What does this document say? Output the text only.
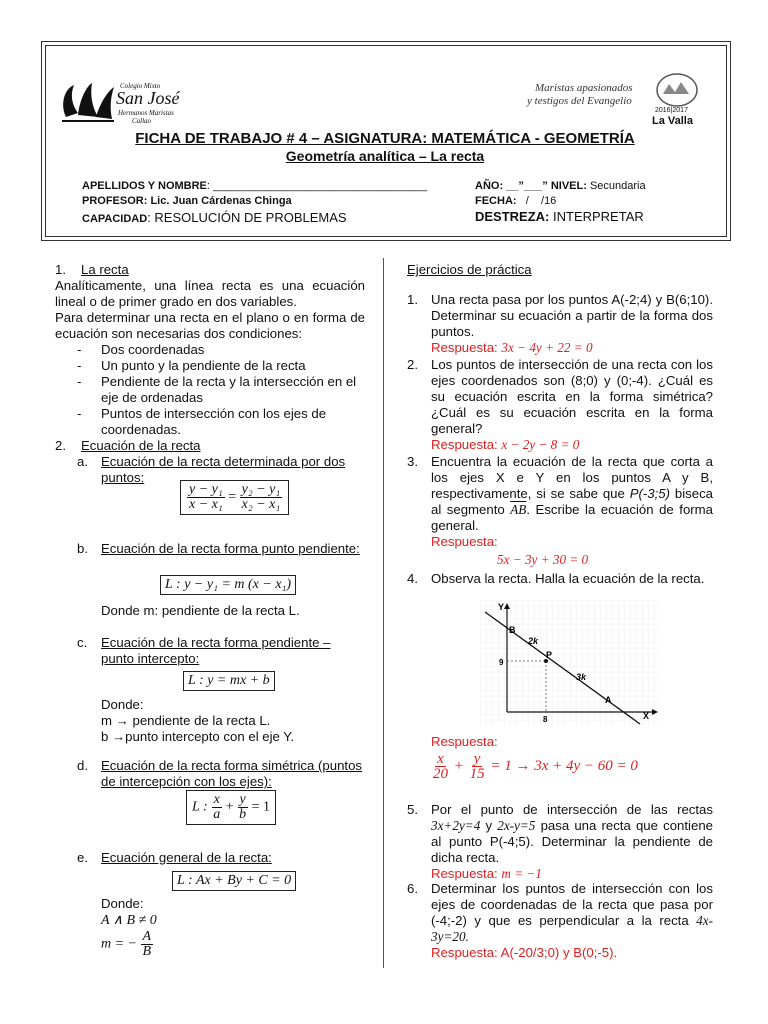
Colegio Mixto
San José
Hermanos Maristas
Callao
Maristas apasionados
y testigos del Evangelio
2016|2017
La Valla
FICHA DE TRABAJO # 4 – ASIGNATURA: MATEMÁTICA - GEOMETRÍA
Geometría analítica – La recta
APELLIDOS Y NOMBRE: ___________________________________	AÑO: __”___” NIVEL: Secundaria
PROFESOR: Lic. Juan Cárdenas Chinga	FECHA:   /    /16
CAPACIDAD: RESOLUCIÓN DE PROBLEMAS	DESTREZA: INTERPRETAR
1. La recta
Analíticamente, una línea recta es una ecuación lineal o de primer grado en dos variables.
Para determinar una recta en el plano o en forma de ecuación son necesarias dos condiciones:
- Dos coordenadas
- Un punto y la pendiente de la recta
- Pendiente de la recta y la intersección en el eje de ordenadas
- Puntos de intersección con los ejes de coordenadas.
2. Ecuación de la recta
a. Ecuación de la recta determinada por dos puntos:
$\frac{\text{y − y₁}}{\text{x − x₁}} = \frac{\text{y₂ − y₁}}{\text{x₂ − x₁}}$
b. Ecuación de la recta forma punto pendiente:
L : y − y₁ = m (x − x₁)
Donde m: pendiente de la recta L.
c.	Ecuación de la recta forma pendiente – punto intercepto:
L : y = mx + b
Donde:
m → pendiente de la recta L.
b →punto intercepto con el eje Y.
d. Ecuación de la recta forma simétrica (puntos de intercepción con los ejes):
L : $\frac{x}{a} + \frac{y}{b} = 1$
e. Ecuación general de la recta:
L : Ax + By + C = 0
Donde:
A ∧ B ≠ 0
m = − $\frac{A}{B}$
Ejercicios de práctica
1. Una recta pasa por los puntos A(-2;4) y B(6;10). Determinar su ecuación a partir de la forma dos puntos.
Respuesta: 3x − 4y + 22 = 0
2. Los puntos de intersección de una recta con los ejes coordenados son (8;0) y (0;-4). ¿Cuál es su ecuación escrita en la forma simétrica? ¿Cuál es su ecuación escrita en la forma general?
Respuesta: x − 2y − 8 = 0
3. Encuentra la ecuación de la recta que corta a los ejes X e Y en los puntos A y B, respectivamente, si se sabe que P(-3;5) biseca al segmento $\overline{AB}$. Escribe la ecuación de forma general.
Respuesta:
5x − 3y + 30 = 0
4. Observa la recta. Halla la ecuación de la recta.
Y
X
B
P
A
2k
3k
9
8
Respuesta:
$\frac{x}{20} + \frac{y}{15} = 1 \to 3x + 4y - 60 = 0$
5. Por el punto de intersección de las rectas 3x+2y=4 y 2x-y=5 pasa una recta que contiene al punto P(-4;5). Determinar la pendiente de dicha recta.
Respuesta: m = −1
6. Determinar los puntos de intersección con los ejes de coordenadas de la recta que pasa por (-4;-2) y que es perpendicular a la recta 4x-3y=20.
Respuesta: A(-20/3;0) y B(0;-5).
